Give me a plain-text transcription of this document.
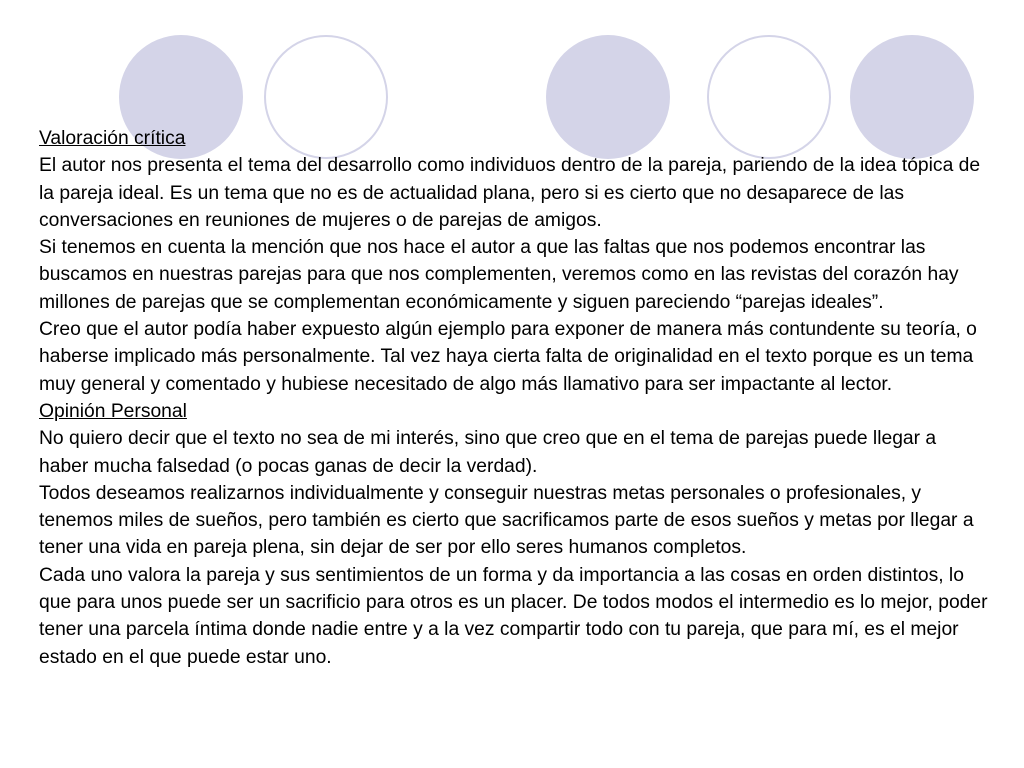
Valoración crítica

El autor nos presenta el tema del desarrollo como individuos dentro de la pareja, pariendo de la idea tópica de la pareja ideal. Es un tema que no es de actualidad plana, pero si es cierto que no desaparece de las conversaciones en reuniones de mujeres o de parejas de amigos.

Si tenemos en cuenta la mención que nos hace el autor a que las faltas que nos podemos encontrar las buscamos en nuestras parejas para que nos complementen, veremos como en las revistas del corazón hay millones de parejas que se complementan económicamente y siguen pareciendo “parejas ideales”.

Creo que el autor podía haber expuesto algún ejemplo para exponer de manera más contundente su teoría, o haberse implicado más personalmente. Tal vez haya cierta falta de originalidad en el texto porque es un tema muy general y comentado y hubiese necesitado de algo más llamativo para ser impactante al lector.

Opinión Personal

No quiero decir que el texto no sea de mi interés, sino que creo que en el tema de parejas puede llegar a haber mucha falsedad (o pocas ganas de decir la verdad).

Todos deseamos realizarnos individualmente y conseguir nuestras metas personales o profesionales, y tenemos miles de sueños, pero también es cierto que sacrificamos parte de esos sueños y metas por llegar a tener una vida en pareja plena, sin dejar de ser por ello seres humanos completos.

Cada uno valora la pareja y sus sentimientos de un forma y da importancia a las cosas en orden distintos, lo que para unos puede ser un sacrificio para otros es un placer. De todos modos el intermedio es lo mejor, poder tener una parcela íntima donde nadie entre y a la vez compartir todo con tu pareja, que para mí, es el mejor estado en el que puede estar uno.
